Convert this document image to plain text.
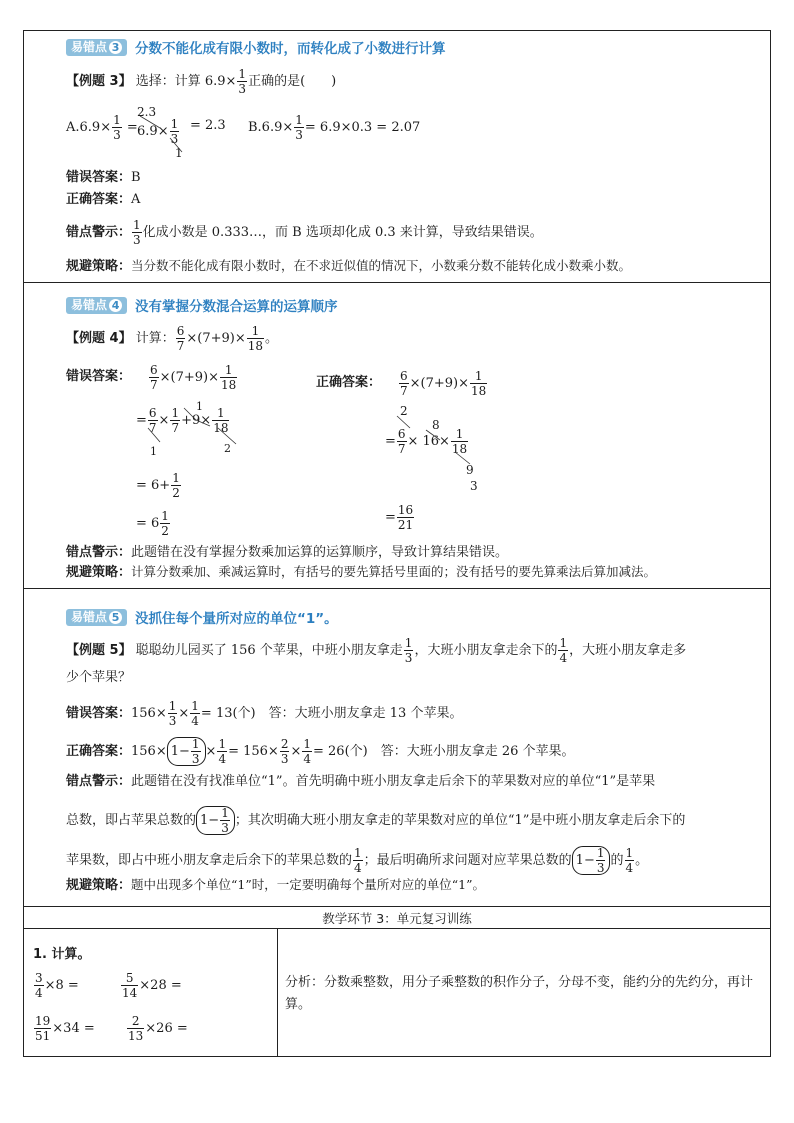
易错点 3 分数不能化成有限小数时，而转化成了小数进行计算
【例题 3】 选择：计算 $6.9\times \frac{1}{3}$ 正确的是(　　)
$A.6.9\times \frac{1}{3}$ =
2.3
$6.9\times \frac{1}{3}$
1
= 2.3 $B.6.9\times \frac{1}{3} = 6.9\times 0.3 = 2.07$
错误答案：B
正确答案：A
错点警示： $\frac{1}{3}$ 化成小数是 0.333…，而 B 选项却化成 0.3 来计算，导致结果错误。
规避策略：当分数不能化成有限小数时，在不求近似值的情况下，小数乘分数不能转化成小数乘小数。
易错点 4 没有掌握分数混合运算的运算顺序
【例题 4】 计算： $\frac{6}{7} \times(7+9)\times \frac{1}{18}$ 。
错误答案： $\frac{6}{7} \times(7+9)\times \frac{1}{18}$
= $\frac{6}{7} \times \frac{1}{7} +9\times \frac{1}{18}$
1
1	2
= $6+ \frac{1}{2}$
= $6 \frac{1}{2}$
正确答案： $\frac{6}{7} \times(7+9)\times \frac{1}{18}$
2
8
= $\frac{6}{7} \times 16\times \frac{1}{18}$
9
3
= $\frac{16}{21}$
错点警示：此题错在没有掌握分数乘加运算的运算顺序，导致计算结果错误。
规避策略：计算分数乘加、乘减运算时，有括号的要先算括号里面的；没有括号的要先算乘法后算加减法。
易错点 5 没抓住每个量所对应的单位“1”。
【例题 5】 聪聪幼儿园买了 156 个苹果，中班小朋友拿走 $\frac{1}{3}$ ，大班小朋友拿走余下的 $\frac{1}{4}$ ，大班小朋友拿走多
少个苹果？
错误答案：$156\times \frac{1}{3} \times \frac{1}{4} = 13$(个)　答：大班小朋友拿走 13 个苹果。
正确答案：$156\times 1- \frac{1}{3} \times \frac{1}{4} = 156\times \frac{2}{3} \times \frac{1}{4} = 26$(个)　答：大班小朋友拿走 26 个苹果。
错点警示：此题错在没有找准单位“1”。首先明确中班小朋友拿走后余下的苹果数对应的单位“1”是苹果
总数，即占苹果总数的 $1- \frac{1}{3}$ ；其次明确大班小朋友拿走的苹果数对应的单位“1”是中班小朋友拿走后余下的
苹果数，即占中班小朋友拿走后余下的苹果总数的 $\frac{1}{4}$ ；最后明确所求问题对应苹果总数的 $1- \frac{1}{3}$ 的 $\frac{1}{4}$ 。
规避策略：题中出现多个单位“1”时，一定要明确每个量所对应的单位“1”。
教学环节 3：单元复习训练
1. 计算。
$\frac{3}{4} \times 8$ =	$\frac{5}{14} \times 28$ =
$\frac{19}{51} \times 34$ =	$\frac{2}{13} \times 26$ =
分析：分数乘整数，用分子乘整数的积作分子，分母不变，能约分的先约分，再计算。
